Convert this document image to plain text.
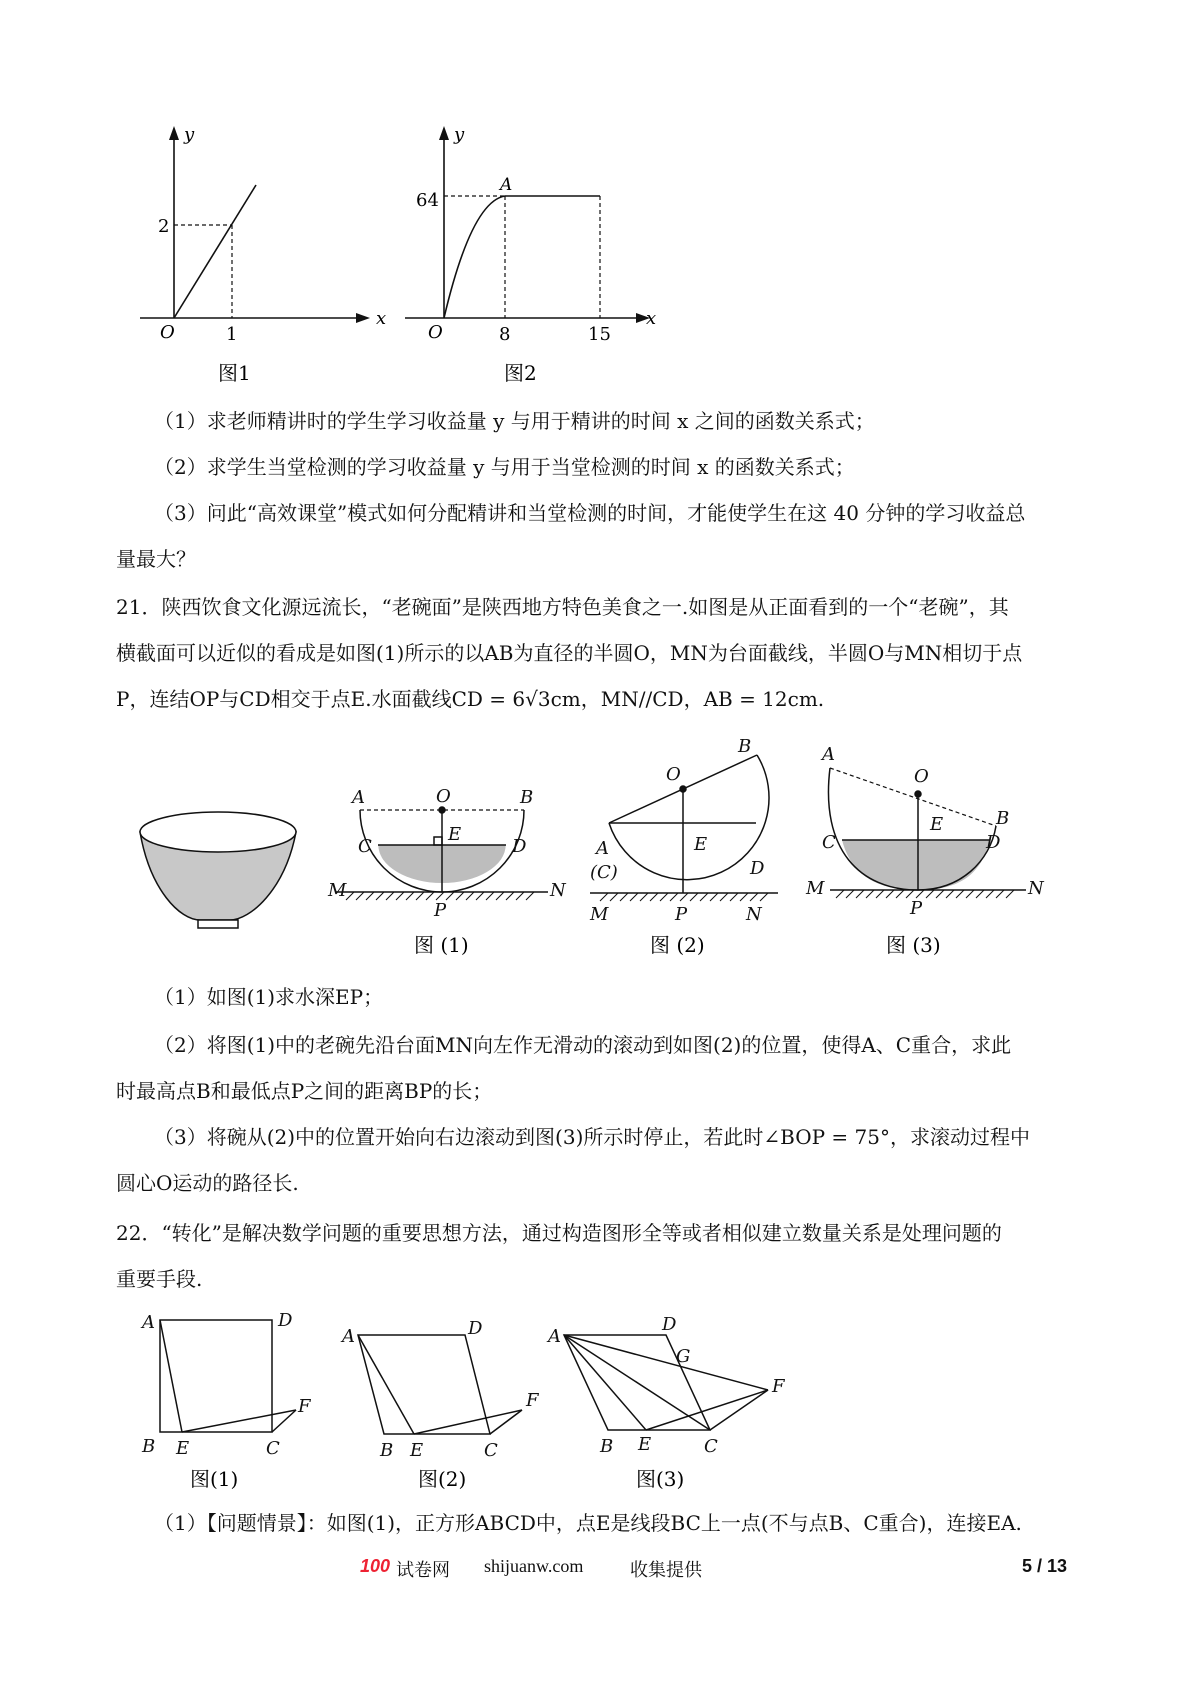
y
x
2
1
O
图1
y
x
64
A
8	15
O
图2
（1）求老师精讲时的学生学习收益量 y 与用于精讲的时间 x 之间的函数关系式；
（2）求学生当堂检测的学习收益量 y 与用于当堂检测的时间 x 的函数关系式；
（3）问此“高效课堂”模式如何分配精讲和当堂检测的时间，才能使学生在这 40 分钟的学习收益总
量最大？
21．陕西饮食文化源远流长，“老碗面”是陕西地方特色美食之一.如图是从正面看到的一个“老碗”，其
横截面可以近似的看成是如图(1)所示的以AB为直径的半圆O，MN为台面截线，半圆O与MN相切于点
P，连结OP与CD相交于点E.水面截线CD = 6√3cm，MN//CD，AB = 12cm.
A	O	B
E
C	D
M	N
P
图 (1)
B
O
E
A
(C)	D
M	P	N
图 (2)
A
O
E	B
C	D
M	N
P
图 (3)
（1）如图(1)求水深EP；
（2）将图(1)中的老碗先沿台面MN向左作无滑动的滚动到如图(2)的位置，使得A、C重合，求此
时最高点B和最低点P之间的距离BP的长；
（3）将碗从(2)中的位置开始向右边滚动到图(3)所示时停止，若此时∠BOP = 75°，求滚动过程中
圆心O运动的路径长.
22．“转化”是解决数学问题的重要思想方法，通过构造图形全等或者相似建立数量关系是处理问题的
重要手段.
A	D
B E	C
F
图(1)
A	D
B E	C
F
图(2)
A
D
G
F
B E	C
图(3)
（1）【问题情景】：如图(1)，正方形ABCD中，点E是线段BC上一点(不与点B、C重合)，连接EA.
100 试卷网 shijuanw.com	收集提供	5 / 13
